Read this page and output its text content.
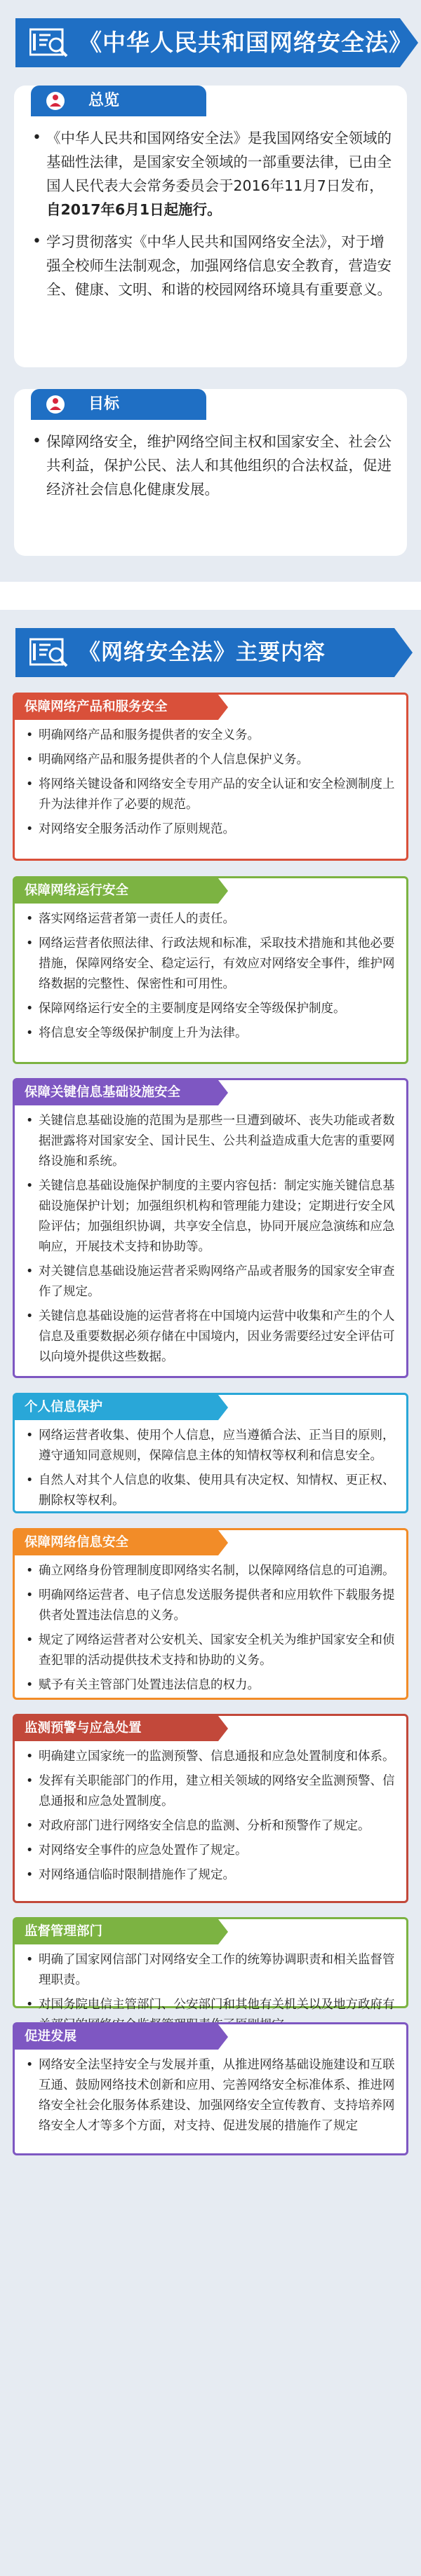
《中华人民共和国网络安全法》
总览
• 《中华人民共和国网络安全法》是我国网络安全领域的基础性法律，是国家安全领域的一部重要法律，已由全国人民代表大会常务委员会于2016年11月7日发布，自2017年6月1日起施行。
• 学习贯彻落实《中华人民共和国网络安全法》，对于增强全校师生法制观念，加强网络信息安全教育，营造安全、健康、文明、和谐的校园网络环境具有重要意义。
目标
• 保障网络安全，维护网络空间主权和国家安全、社会公共利益，保护公民、法人和其他组织的合法权益，促进经济社会信息化健康发展。
《网络安全法》主要内容
保障网络产品和服务安全
• 明确网络产品和服务提供者的安全义务。
• 明确网络产品和服务提供者的个人信息保护义务。
• 将网络关键设备和网络安全专用产品的安全认证和安全检测制度上升为法律并作了必要的规范。
• 对网络安全服务活动作了原则规范。
保障网络运行安全
• 落实网络运营者第一责任人的责任。
• 网络运营者依照法律、行政法规和标准，采取技术措施和其他必要措施，保障网络安全、稳定运行，有效应对网络安全事件，维护网络数据的完整性、保密性和可用性。
• 保障网络运行安全的主要制度是网络安全等级保护制度。
• 将信息安全等级保护制度上升为法律。
保障关键信息基础设施安全
• 关键信息基础设施的范围为是那些一旦遭到破坏、丧失功能或者数据泄露将对国家安全、国计民生、公共利益造成重大危害的重要网络设施和系统。
• 关键信息基础设施保护制度的主要内容包括：制定实施关键信息基础设施保护计划；加强组织机构和管理能力建设；定期进行安全风险评估；加强组织协调，共享安全信息，协同开展应急演练和应急响应，开展技术支持和协助等。
• 对关键信息基础设施运营者采购网络产品或者服务的国家安全审查作了规定。
• 关键信息基础设施的运营者将在中国境内运营中收集和产生的个人信息及重要数据必须存储在中国境内，因业务需要经过安全评估可以向境外提供这些数据。
个人信息保护
• 网络运营者收集、使用个人信息，应当遵循合法、正当目的原则，遵守通知同意规则，保障信息主体的知情权等权利和信息安全。
• 自然人对其个人信息的收集、使用具有决定权、知情权、更正权、删除权等权利。
保障网络信息安全
• 确立网络身份管理制度即网络实名制，以保障网络信息的可追溯。
• 明确网络运营者、电子信息发送服务提供者和应用软件下载服务提供者处置违法信息的义务。
• 规定了网络运营者对公安机关、国家安全机关为维护国家安全和侦查犯罪的活动提供技术支持和协助的义务。
• 赋予有关主管部门处置违法信息的权力。
监测预警与应急处置
• 明确建立国家统一的监测预警、信息通报和应急处置制度和体系。
• 发挥有关职能部门的作用，建立相关领域的网络安全监测预警、信息通报和应急处置制度。
• 对政府部门进行网络安全信息的监测、分析和预警作了规定。
• 对网络安全事件的应急处置作了规定。
• 对网络通信临时限制措施作了规定。
监督管理部门
• 明确了国家网信部门对网络安全工作的统筹协调职责和相关监督管理职责。
• 对国务院电信主管部门、公安部门和其他有关机关以及地方政府有
促进发展
• 网络安全法坚持安全与发展并重，从推进网络基础设施建设和互联互通、鼓励网络技术创新和应用、完善网络安全标准体系、推进网络安全社会化服务体系建设、加强网络安全宣传教育、支持培养网络安全人才等多个方面，对支持、促进发展的措施作了规定
